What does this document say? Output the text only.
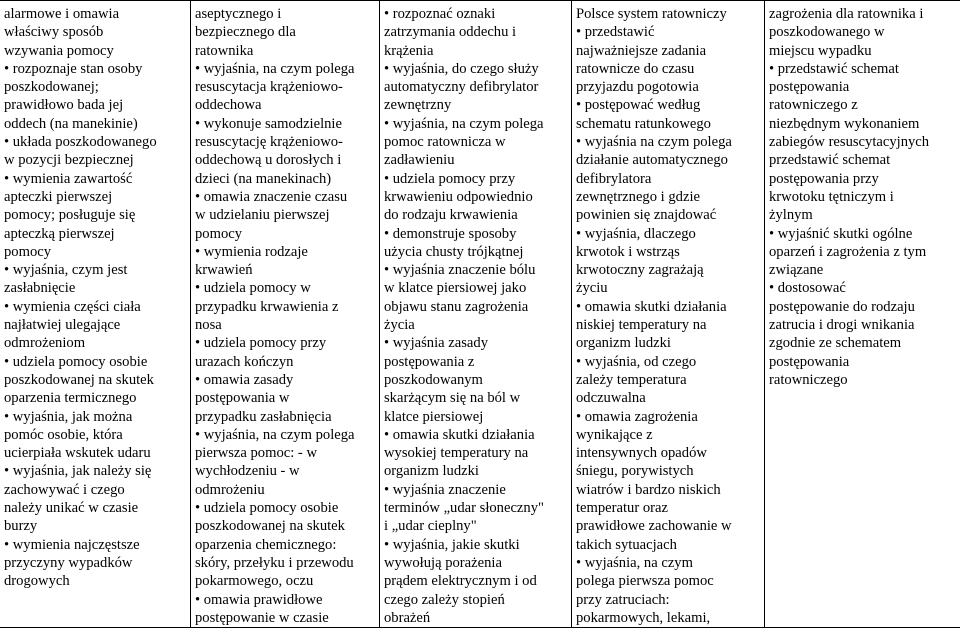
alarmowe i omawia
właściwy sposób
wzywania pomocy
• rozpoznaje stan osoby
poszkodowanej;
prawidłowo bada jej
oddech (na manekinie)
• układa poszkodowanego
w pozycji bezpiecznej
• wymienia zawartość
apteczki pierwszej
pomocy; posługuje się
apteczką pierwszej
pomocy
• wyjaśnia, czym jest
zasłabnięcie
• wymienia części ciała
najłatwiej ulegające
odmrożeniom
• udziela pomocy osobie
poszkodowanej na skutek
oparzenia termicznego
• wyjaśnia, jak można
pomóc osobie, która
ucierpiała wskutek udaru
• wyjaśnia, jak należy się
zachowywać i czego
należy unikać w czasie
burzy
• wymienia najczęstsze
przyczyny wypadków
drogowych
aseptycznego i
bezpiecznego dla
ratownika
• wyjaśnia, na czym polega
resuscytacja krążeniowo-
oddechowa
• wykonuje samodzielnie
resuscytację krążeniowo-
oddechową u dorosłych i
dzieci (na manekinach)
• omawia znaczenie czasu
w udzielaniu pierwszej
pomocy
• wymienia rodzaje
krwawień
• udziela pomocy w
przypadku krwawienia z
nosa
• udziela pomocy przy
urazach kończyn
• omawia zasady
postępowania w
przypadku zasłabnięcia
• wyjaśnia, na czym polega
pierwsza pomoc: - w
wychłodzeniu - w
odmrożeniu
• udziela pomocy osobie
poszkodowanej na skutek
oparzenia chemicznego:
skóry, przełyku i przewodu
pokarmowego, oczu
• omawia prawidłowe
postępowanie w czasie
• rozpoznać oznaki
zatrzymania oddechu i
krążenia
• wyjaśnia, do czego służy
automatyczny defibrylator
zewnętrzny
• wyjaśnia, na czym polega
pomoc ratownicza w
zadławieniu
• udziela pomocy przy
krwawieniu odpowiednio
do rodzaju krwawienia
• demonstruje sposoby
użycia chusty trójkątnej
• wyjaśnia znaczenie bólu
w klatce piersiowej jako
objawu stanu zagrożenia
życia
• wyjaśnia zasady
postępowania z
poszkodowanym
skarżącym się na ból w
klatce piersiowej
• omawia skutki działania
wysokiej temperatury na
organizm ludzki
• wyjaśnia znaczenie
terminów „udar słoneczny"
i „udar cieplny"
• wyjaśnia, jakie skutki
wywołują porażenia
prądem elektrycznym i od
czego zależy stopień
obrażeń
Polsce system ratowniczy
• przedstawić
najważniejsze zadania
ratownicze do czasu
przyjazdu pogotowia
• postępować według
schematu ratunkowego
• wyjaśnia na czym polega
działanie automatycznego
defibrylatora
zewnętrznego i gdzie
powinien się znajdować
• wyjaśnia, dlaczego
krwotok i wstrząs
krwotoczny zagrażają
życiu
• omawia skutki działania
niskiej temperatury na
organizm ludzki
• wyjaśnia, od czego
zależy temperatura
odczuwalna
• omawia zagrożenia
wynikające z
intensywnych opadów
śniegu, porywistych
wiatrów i bardzo niskich
temperatur oraz
prawidłowe zachowanie w
takich sytuacjach
• wyjaśnia, na czym
polega pierwsza pomoc
przy zatruciach:
pokarmowych, lekami,
zagrożenia dla ratownika i
poszkodowanego w
miejscu wypadku
• przedstawić schemat
postępowania
ratowniczego z
niezbędnym wykonaniem
zabiegów resuscytacyjnych
przedstawić schemat
postępowania przy
krwotoku tętniczym i
żylnym
• wyjaśnić skutki ogólne
oparzeń i zagrożenia z tym
związane
• dostosować
postępowanie do rodzaju
zatrucia i drogi wnikania
zgodnie ze schematem
postępowania
ratowniczego
